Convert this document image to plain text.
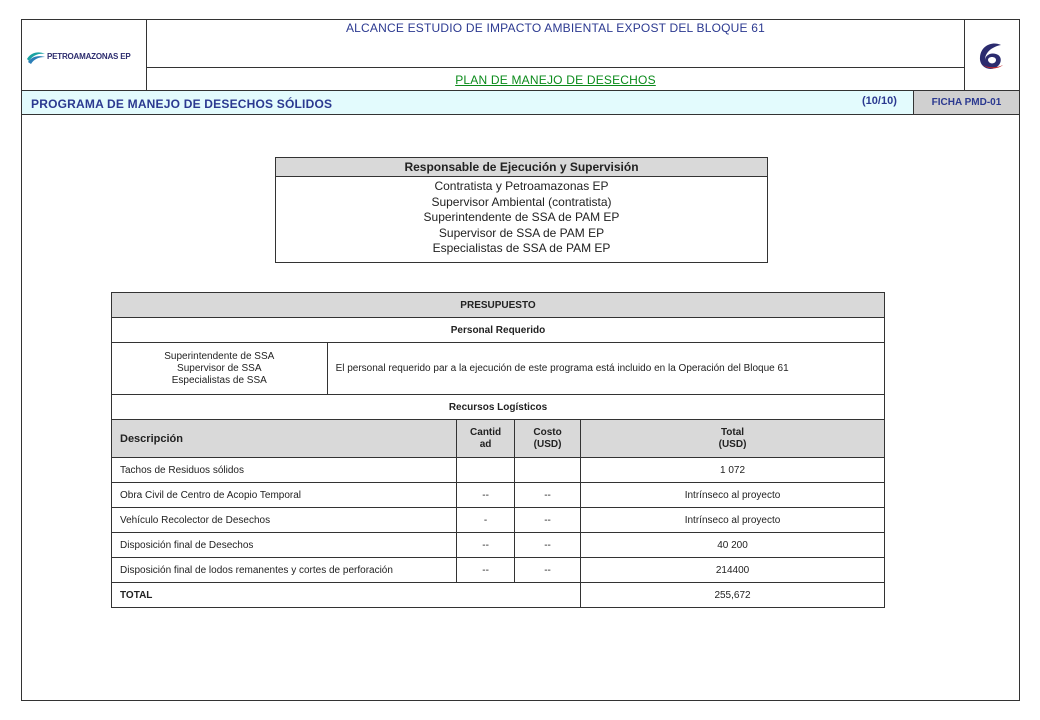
PETROAMAZONAS EP
ALCANCE ESTUDIO DE IMPACTO AMBIENTAL EXPOST DEL BLOQUE 61
PLAN DE MANEJO DE DESECHOS
PROGRAMA DE MANEJO DE DESECHOS SÓLIDOS	(10/10)	FICHA PMD-01
Responsable de Ejecución y Supervisión
Contratista y Petroamazonas EP
Supervisor Ambiental (contratista)
Superintendente de SSA de PAM EP
Supervisor de SSA de PAM EP
Especialistas de SSA de PAM EP
PRESUPUESTO				
Personal Requerido				

Superintendente de SSA
Supervisor de SSA
Especialistas de SSA	El personal requerido par a la ejecución de este programa está incluido en la Operación del Bloque 61			
Recursos Logísticos				
Descripción		Cantid ad	Costo (USD)	Total (USD)
Tachos de Residuos sólidos				1 072
Obra Civil de Centro de Acopio Temporal		--	--	Intrínseco al proyecto
Vehículo Recolector de Desechos		-	--	Intrínseco al proyecto
Disposición final de Desechos		--	--	40 200
Disposición final de lodos remanentes y cortes de perforación		--	--	214400
TOTAL				255,672
